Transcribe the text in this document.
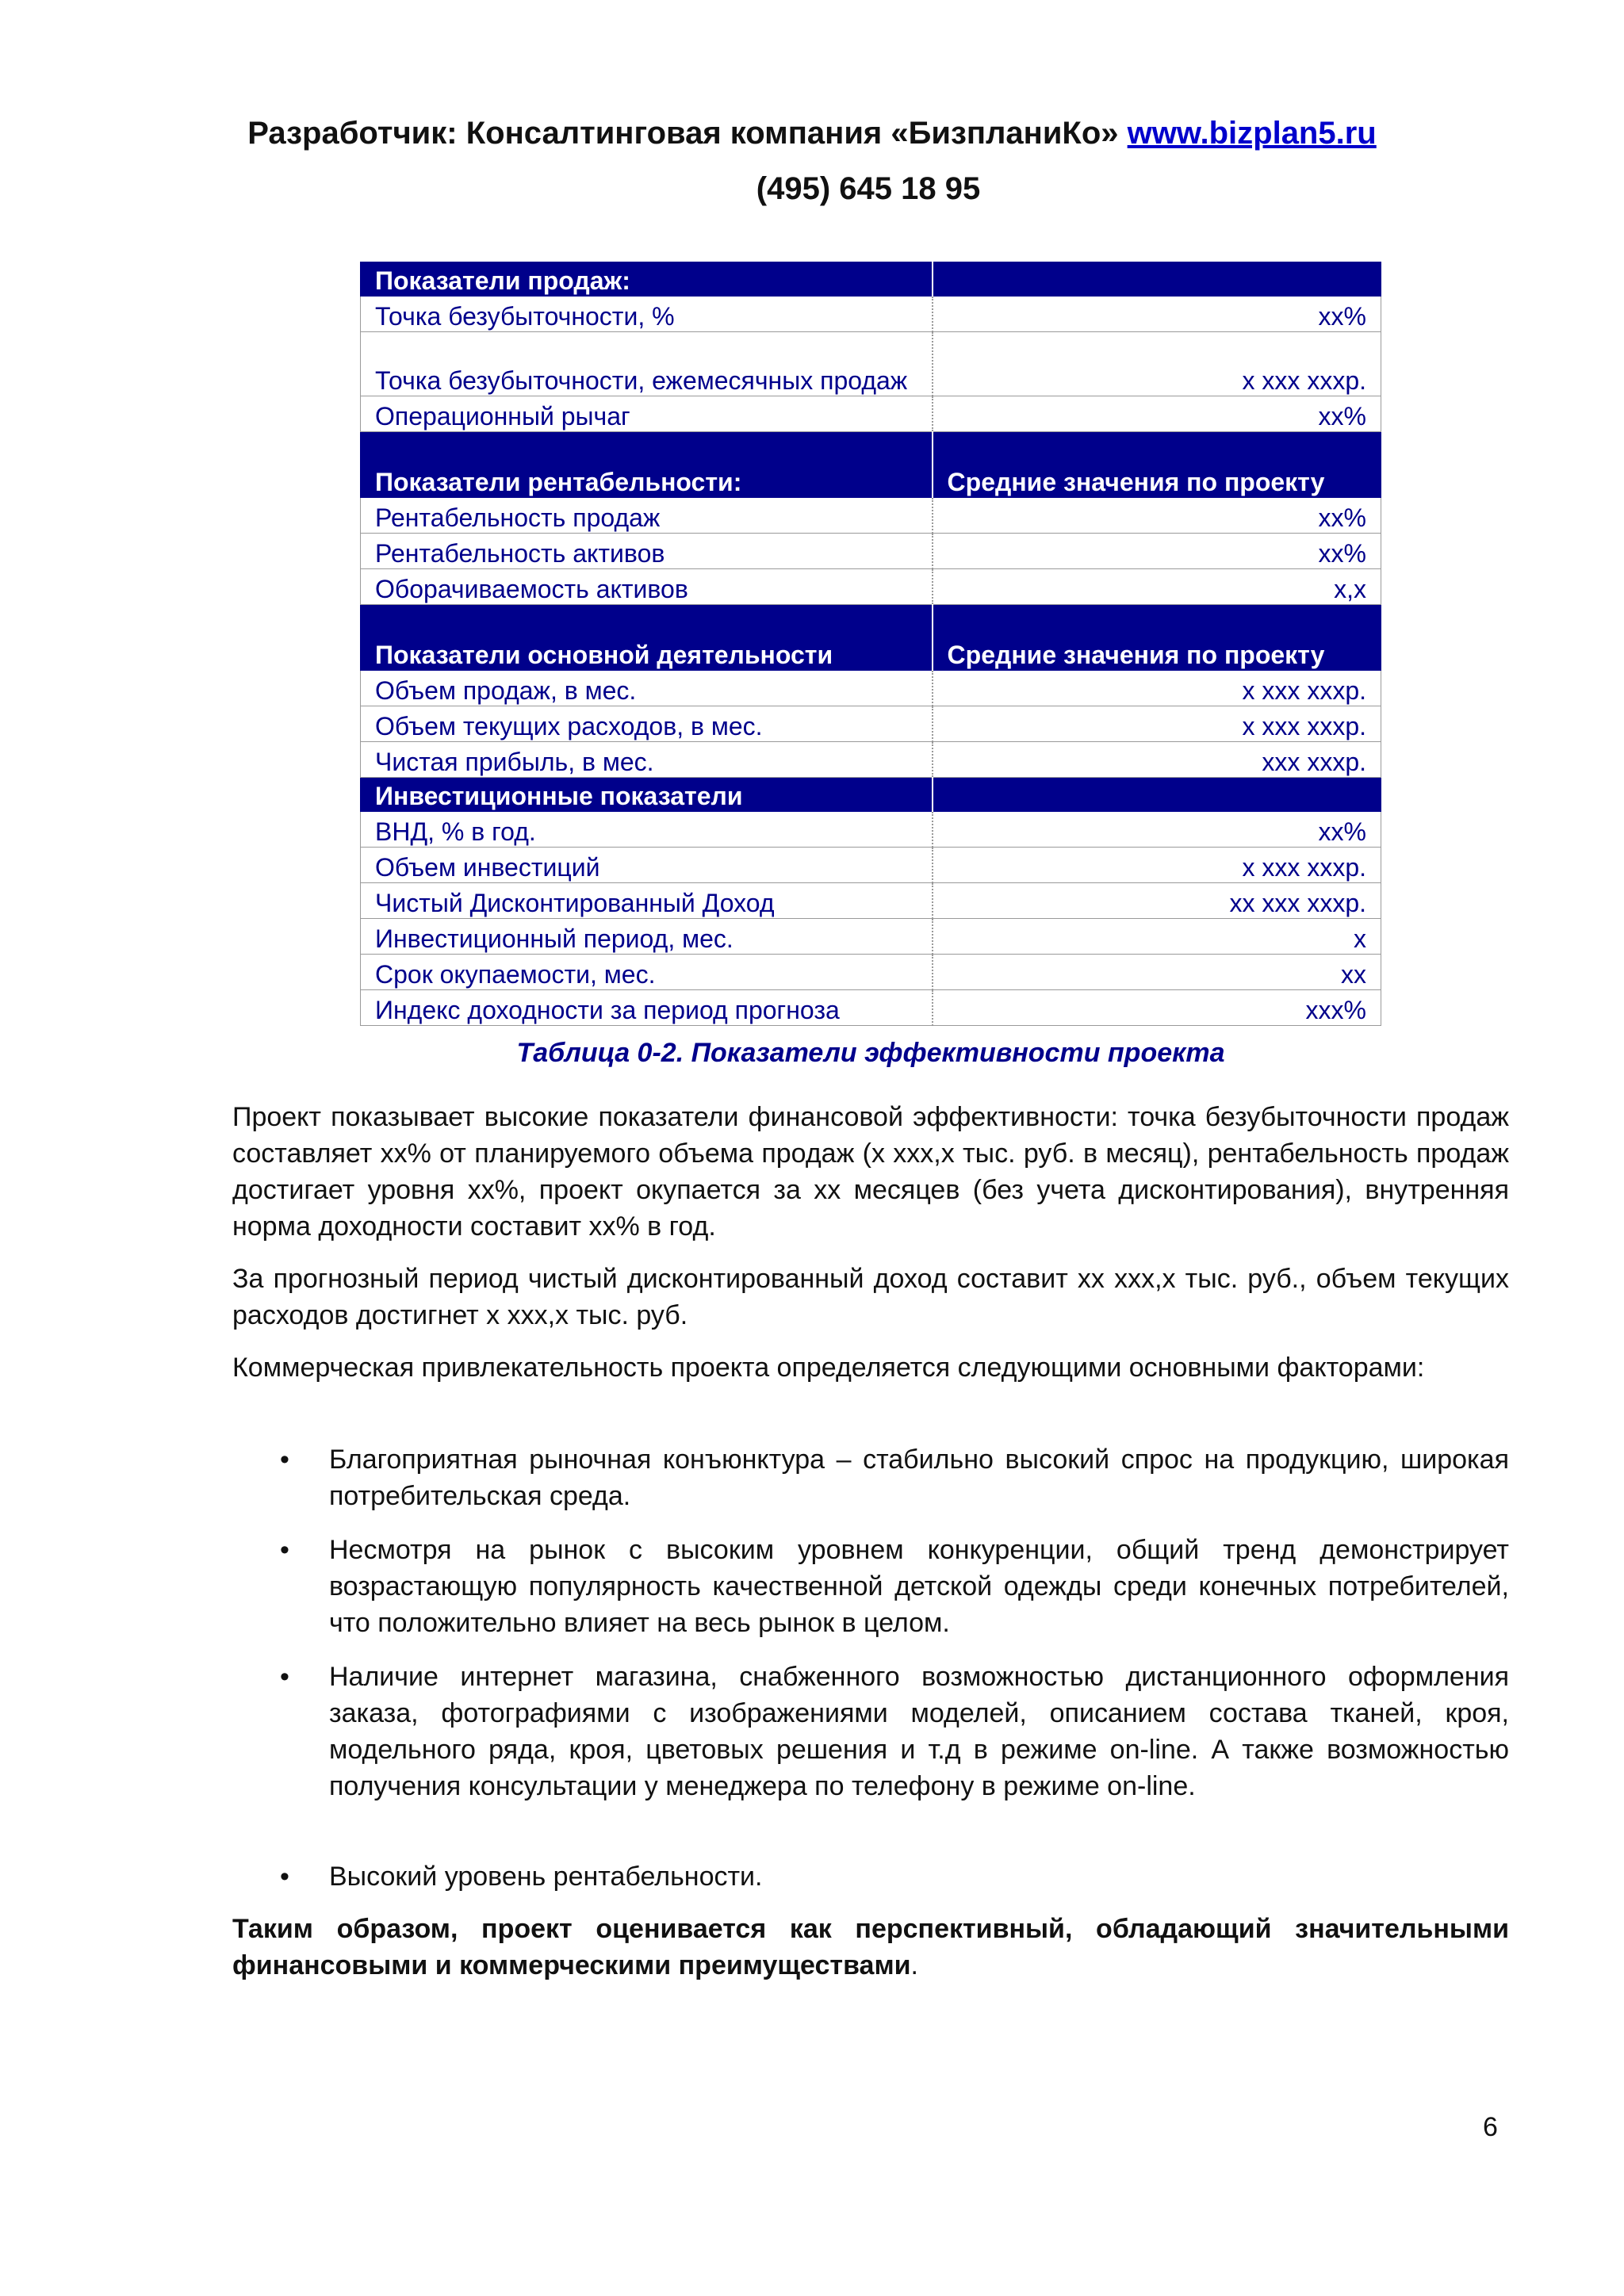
Разработчик: Консалтинговая компания «БизпланиКо» www.bizplan5.ru
(495) 645 18 95
Показатели продаж:	
Точка безубыточности, %	хх%
Точка безубыточности, ежемесячных продаж	х ххх хххр.
Операционный рычаг	хх%
Показатели рентабельности:	Средние значения по проекту
Рентабельность продаж	хх%
Рентабельность активов	хх%
Оборачиваемость активов	х,х
Показатели основной деятельности	Средние значения по проекту
Объем продаж, в мес.	х ххх хххр.
Объем текущих расходов, в мес.	х ххх хххр.
Чистая прибыль, в мес.	ххх хххр.
Инвестиционные показатели	
ВНД, % в год.	хх%
Объем инвестиций	х ххх хххр.
Чистый Дисконтированный Доход	хх ххх хххр.
Инвестиционный период, мес.	х
Срок окупаемости, мес.	хх
Индекс доходности за период прогноза	ххх%
Таблица 0-2. Показатели эффективности проекта

Проект показывает высокие показатели финансовой эффективности: точка безубыточности продаж составляет хх% от планируемого объема продаж (х ххх,х тыс. руб. в месяц), рентабельность продаж достигает уровня хх%, проект окупается за хх месяцев (без учета дисконтирования), внутренняя норма доходности составит хх% в год.

За прогнозный период чистый дисконтированный доход составит хх ххх,х тыс. руб., объем текущих расходов достигнет х ххх,х тыс. руб.

Коммерческая привлекательность проекта определяется следующими основными факторами:

• Благоприятная рыночная конъюнктура – стабильно высокий спрос на продукцию, широкая потребительская среда.
• Несмотря на рынок с высоким уровнем конкуренции, общий тренд демонстрирует возрастающую популярность качественной детской одежды среди конечных потребителей, что положительно влияет на весь рынок в целом.
• Наличие интернет магазина, снабженного возможностью дистанционного оформления заказа, фотографиями с изображениями моделей, описанием состава тканей, кроя, модельного ряда, кроя, цветовых решения и т.д в режиме on-line. А также возможностью получения консультации у менеджера по телефону в режиме on-line.
• Высокий уровень рентабельности.
Таким образом, проект оценивается как перспективный, обладающий значительными финансовыми и коммерческими преимуществами.
6
